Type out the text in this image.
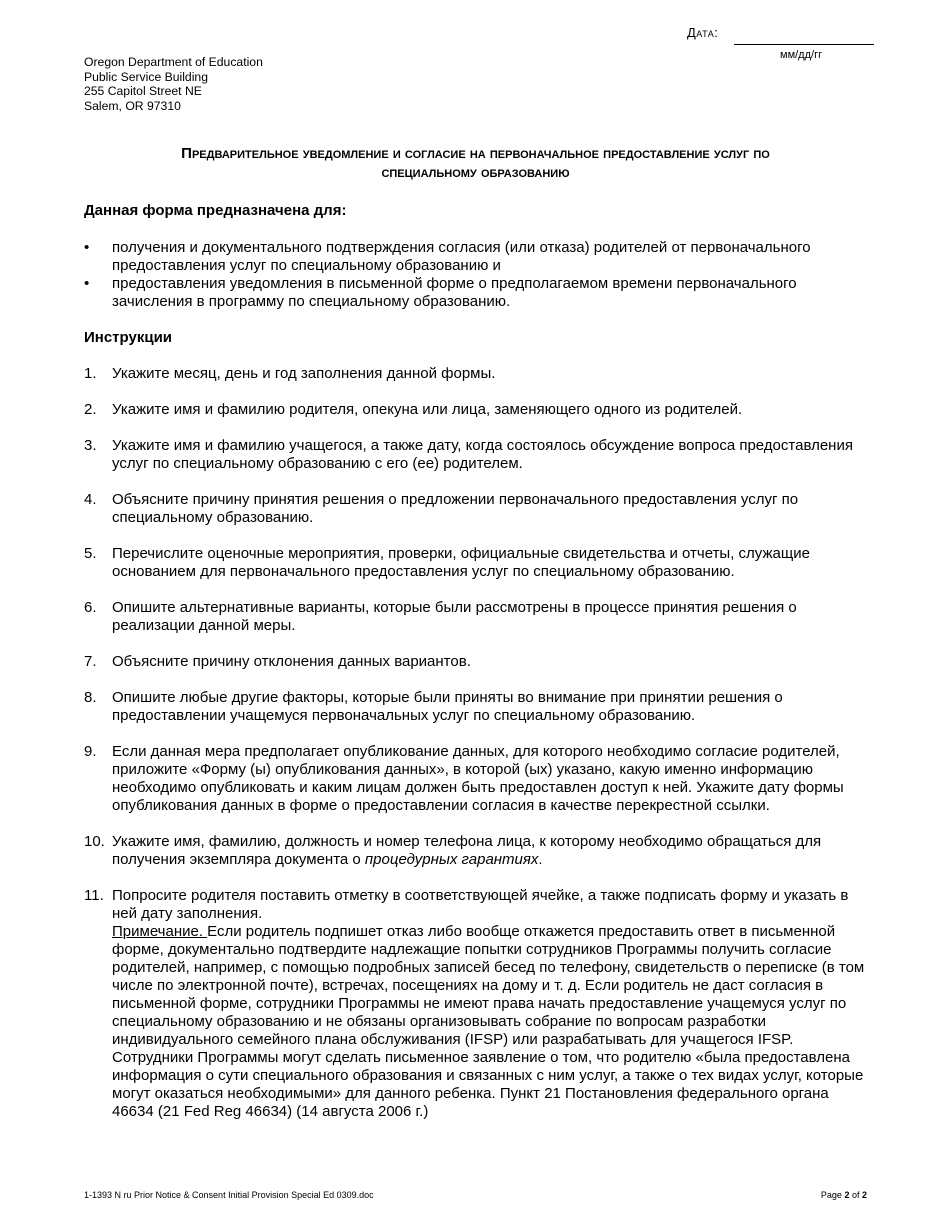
Дата:
мм/дд/гг
Oregon Department of Education
Public Service Building
255 Capitol Street NE
Salem, OR 97310
Предварительное уведомление и согласие на первоначальное предоставление услуг по
специальному образованию
Данная форма предназначена для:
• получения и документального подтверждения согласия (или отказа) родителей от первоначального предоставления услуг по специальному образованию и
• предоставления уведомления в письменной форме о предполагаемом времени первоначального зачисления в программу по специальному образованию.
Инструкции
1. Укажите месяц, день и год заполнения данной формы.
2. Укажите имя и фамилию родителя, опекуна или лица, заменяющего одного из родителей.
3. Укажите имя и фамилию учащегося, а также дату, когда состоялось обсуждение вопроса предоставления услуг по специальному образованию с его (ее) родителем.
4. Объясните причину принятия решения о предложении первоначального предоставления услуг по специальному образованию.
5. Перечислите оценочные мероприятия, проверки, официальные свидетельства и отчеты, служащие основанием для первоначального предоставления услуг по специальному образованию.
6. Опишите альтернативные варианты, которые были рассмотрены в процессе принятия решения о реализации данной меры.
7. Объясните причину отклонения данных вариантов.
8. Опишите любые другие факторы, которые были приняты во внимание при принятии решения о предоставлении учащемуся первоначальных услуг по специальному образованию.
9. Если данная мера предполагает опубликование данных, для которого необходимо согласие родителей, приложите «Форму (ы) опубликования данных», в которой (ых) указано, какую именно информацию необходимо опубликовать и каким лицам должен быть предоставлен доступ к ней. Укажите дату формы опубликования данных в форме о предоставлении согласия в качестве перекрестной ссылки.
10. Укажите имя, фамилию, должность и номер телефона лица, к которому необходимо обращаться для получения экземпляра документа о процедурных гарантиях.
11. Попросите родителя поставить отметку в соответствующей ячейке, а также подписать форму и указать в ней дату заполнения.
Примечание. Если родитель подпишет отказ либо вообще откажется предоставить ответ в письменной форме, документально подтвердите надлежащие попытки сотрудников Программы получить согласие родителей, например, с помощью подробных записей бесед по телефону, свидетельств о переписке (в том числе по электронной почте), встречах, посещениях на дому и т. д. Если родитель не даст согласия в письменной форме, сотрудники Программы не имеют права начать предоставление учащемуся услуг по специальному образованию и не обязаны организовывать собрание по вопросам разработки индивидуального семейного плана обслуживания (IFSP) или разрабатывать для учащегося IFSP. Сотрудники Программы могут сделать письменное заявление о том, что родителю «была предоставлена информация о сути специального образования и связанных с ним услуг, а также о тех видах услуг, которые могут оказаться необходимыми» для данного ребенка. Пункт 21 Постановления федерального органа 46634 (21 Fed Reg 46634) (14 августа 2006 г.)
1-1393 N ru Prior Notice & Consent Initial Provision Special Ed 0309.doc	Page 2 of 2
